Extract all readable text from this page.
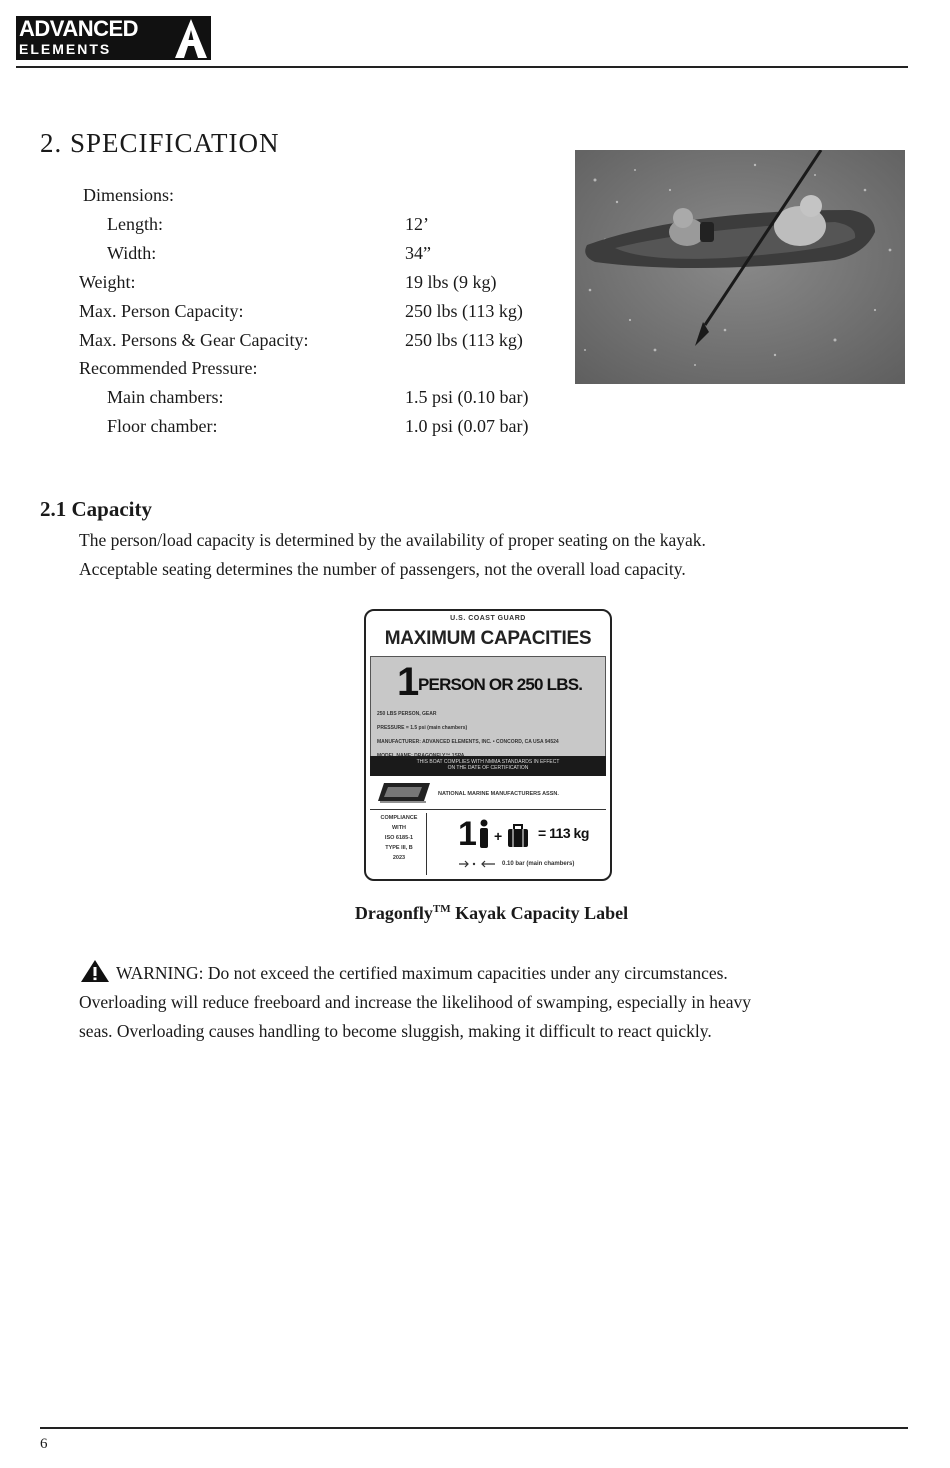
ADVANCED
ELEMENTS
2. SPECIFICATION
Dimensions:
Length:	12’
Width:	34”
Weight:	19 lbs (9 kg)
Max. Person Capacity:	250 lbs (113 kg)
Max. Persons & Gear Capacity:	250 lbs (113 kg)
Recommended Pressure:
Main chambers:	1.5 psi (0.10 bar)
Floor chamber:	1.0 psi (0.07 bar)
2.1 Capacity
The person/load capacity is determined by the availability of proper seating on the kayak.
Acceptable seating determines the number of passengers, not the overall load capacity.
U.S. COAST GUARD
MAXIMUM CAPACITIES
1
PERSON OR 250 LBS.
250 LBS PERSON, GEAR
PRESSURE = 1.5 psi (main chambers)
MANUFACTURER: ADVANCED ELEMENTS, INC. • CONCORD, CA USA 94524
THIS BOAT COMPLIES WITH NMMA STANDARDS IN EFFECT
ON THE DATE OF CERTIFICATION
NATIONAL MARINE MANUFACTURERS ASSN.
COMPLIANCE
WITH
ISO 6185-1
TYPE III, B
2023
1 +	= 113 kg
0.10 bar (main chambers)
Dragonfly™ Kayak Capacity Label
WARNING: Do not exceed the certified maximum capacities under any circumstances.
Overloading will reduce freeboard and increase the likelihood of swamping, especially in heavy
seas. Overloading causes handling to become sluggish, making it difficult to react quickly.
6
